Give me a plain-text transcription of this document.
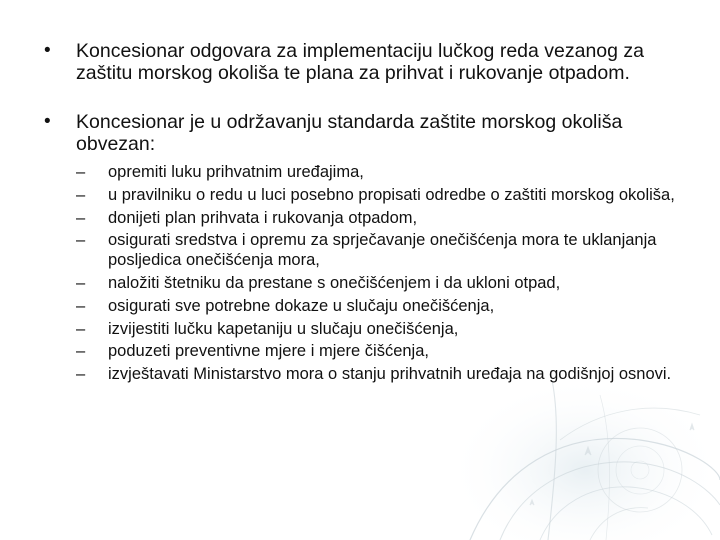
• Koncesionar odgovara za implementaciju lučkog reda vezanog za zaštitu morskog okoliša te plana za prihvat i rukovanje otpadom.
• Koncesionar je u održavanju standarda zaštite morskog okoliša obvezan:
– opremiti luku prihvatnim uređajima,
– u pravilniku o redu u luci posebno propisati odredbe o zaštiti morskog okoliša,
– donijeti plan prihvata i rukovanja otpadom,
– osigurati sredstva i opremu za sprječavanje onečišćenja mora te uklanjanja posljedica onečišćenja mora,
– naložiti štetniku da prestane s onečišćenjem i da ukloni otpad,
– osigurati sve potrebne dokaze u slučaju onečišćenja,
– izvijestiti lučku kapetaniju u slučaju onečišćenja,
– poduzeti preventivne mjere i mjere čišćenja,
– izvještavati Ministarstvo mora o stanju prihvatnih uređaja na godišnjoj osnovi.
